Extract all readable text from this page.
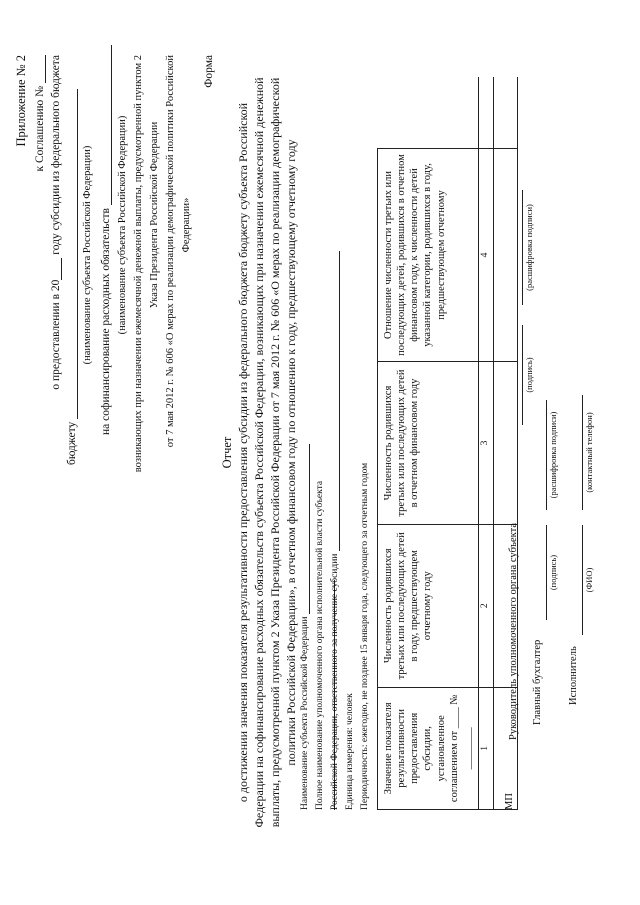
Приложение № 2 к Соглашению №
о предоставлении в 20 году субсидии из федерального бюджета
бюджету
(наименование субъекта Российской Федерации) на софинансирование расходных обязательств (наименование субъекта Российской Федерации) возникающих при назначении ежемесячной денежной выплаты, предусмотренной пунктом 2 Указа Президента Российской Федерации от 7 мая 2012 г. № 606 «О мерах по реализации демографической политики Российской Федерации»
Форма
Отчет о достижении значения показателя результативности предоставления субсидии из федерального бюджета бюджету субъекта Российской Федерации на софинансирование расходных обязательств субъекта Российской Федерации, возникающих при назначении ежемесячной денежной выплаты, предусмотренной пунктом 2 Указа Президента Российской Федерации от 7 мая 2012 г. № 606 «О мерах по реализации демографической политики Российской Федерации», в отчетном финансовом году по отношению к году, предшествующему отчетному году Наименование субъекта Российской Федерации Полное наименование уполномоченного органа исполнительной власти субъекта Российской Федерации, ответственного за получение субсидии Единица измерения: человек Периодичность: ежегодно, не позднее 15 января года, следующего за отчетным годом Значение показателя результативности предоставления субсидии, установленное соглашением от ____ № ________	Численность родившихся третьих или последующих детей в году, предшествующем отчетному году	Численность родившихся третьих или последующих детей в отчетном финансовом году	Отношение численности третьих или последующих детей, родившихся в отчетном финансовом году, к численности детей указанной категории, родившихся в году, предшествующем отчетному	
1	2	3	4	

МП
Руководитель уполномоченного органа субъекта
(подпись)
(расшифровка подписи)
Главный бухгалтер
(подпись)
(расшифровка подписи)
Исполнитель
(ФИО)
(контактный телефон)
